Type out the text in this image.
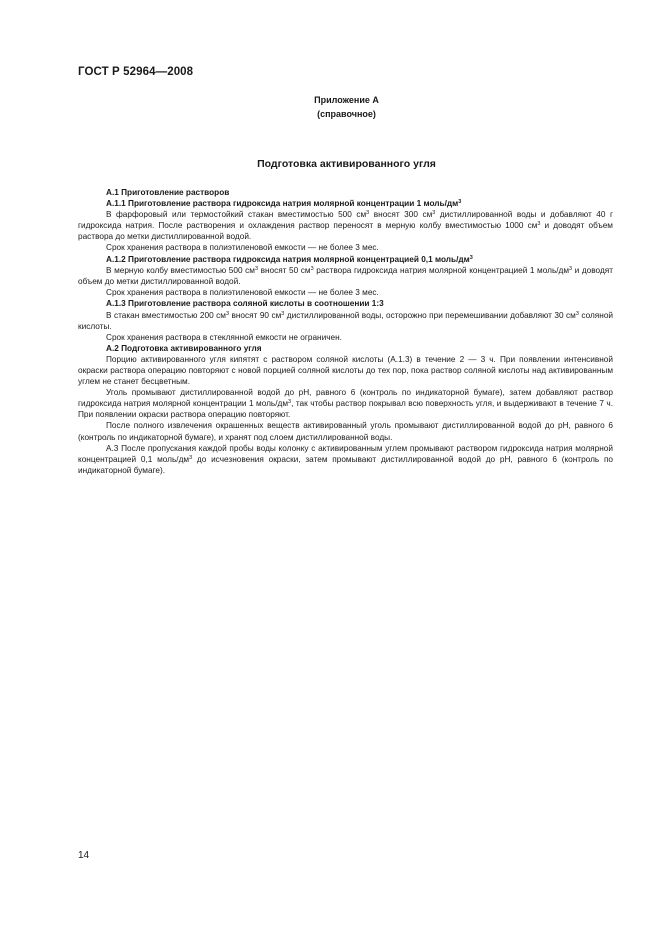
ГОСТ Р 52964—2008
Приложение А
(справочное)
Подготовка активированного угля

А.1 Приготовление растворов

А.1.1 Приготовление раствора гидроксида натрия молярной концентрации 1 моль/$дм^3$

В фарфоровый или термостойкий стакан вместимостью 500 $см^3$ вносят 300 $см^3$ дистиллированной воды и добавляют 40 г гидроксида натрия. После растворения и охлаждения раствор переносят в мерную колбу вместимостью 1000 $см^3$ и доводят объем раствора до метки дистиллированной водой.

Срок хранения раствора в полиэтиленовой емкости — не более 3 мес.

А.1.2 Приготовление раствора гидроксида натрия молярной концентрацией 0,1 моль/$дм^3$

В мерную колбу вместимостью 500 $см^3$ вносят 50 $см^3$ раствора гидроксида натрия молярной концентрацией 1 моль/$дм^3$ и доводят объем до метки дистиллированной водой.

Срок хранения раствора в полиэтиленовой емкости — не более 3 мес.

А.1.3 Приготовление раствора соляной кислоты в соотношении 1:3

В стакан вместимостью 200 $см^3$ вносят 90 $см^3$ дистиллированной воды, осторожно при перемешивании добавляют 30 $см^3$ соляной кислоты.

Срок хранения раствора в стеклянной емкости не ограничен.

А.2 Подготовка активированного угля

Порцию активированного угля кипятят с раствором соляной кислоты (А.1.3) в течение 2 — 3 ч. При появлении интенсивной окраски раствора операцию повторяют с новой порцией соляной кислоты до тех пор, пока раствор соляной кислоты над активированным углем не станет бесцветным.

Уголь промывают дистиллированной водой до рН, равного 6 (контроль по индикаторной бумаге), затем добавляют раствор гидроксида натрия молярной концентрации 1 моль/$дм^3$, так чтобы раствор покрывал всю поверхность угля, и выдерживают в течение 7 ч. При появлении окраски раствора операцию повторяют.

После полного извлечения окрашенных веществ активированный уголь промывают дистиллированной водой до рН, равного 6 (контроль по индикаторной бумаге), и хранят под слоем дистиллированной воды.

А.3 После пропускания каждой пробы воды колонку с активированным углем промывают раствором гидроксида натрия молярной концентрацией 0,1 моль/$дм^3$ до исчезновения окраски, затем промывают дистиллированной водой до рН, равного 6 (контроль по индикаторной бумаге).

14
